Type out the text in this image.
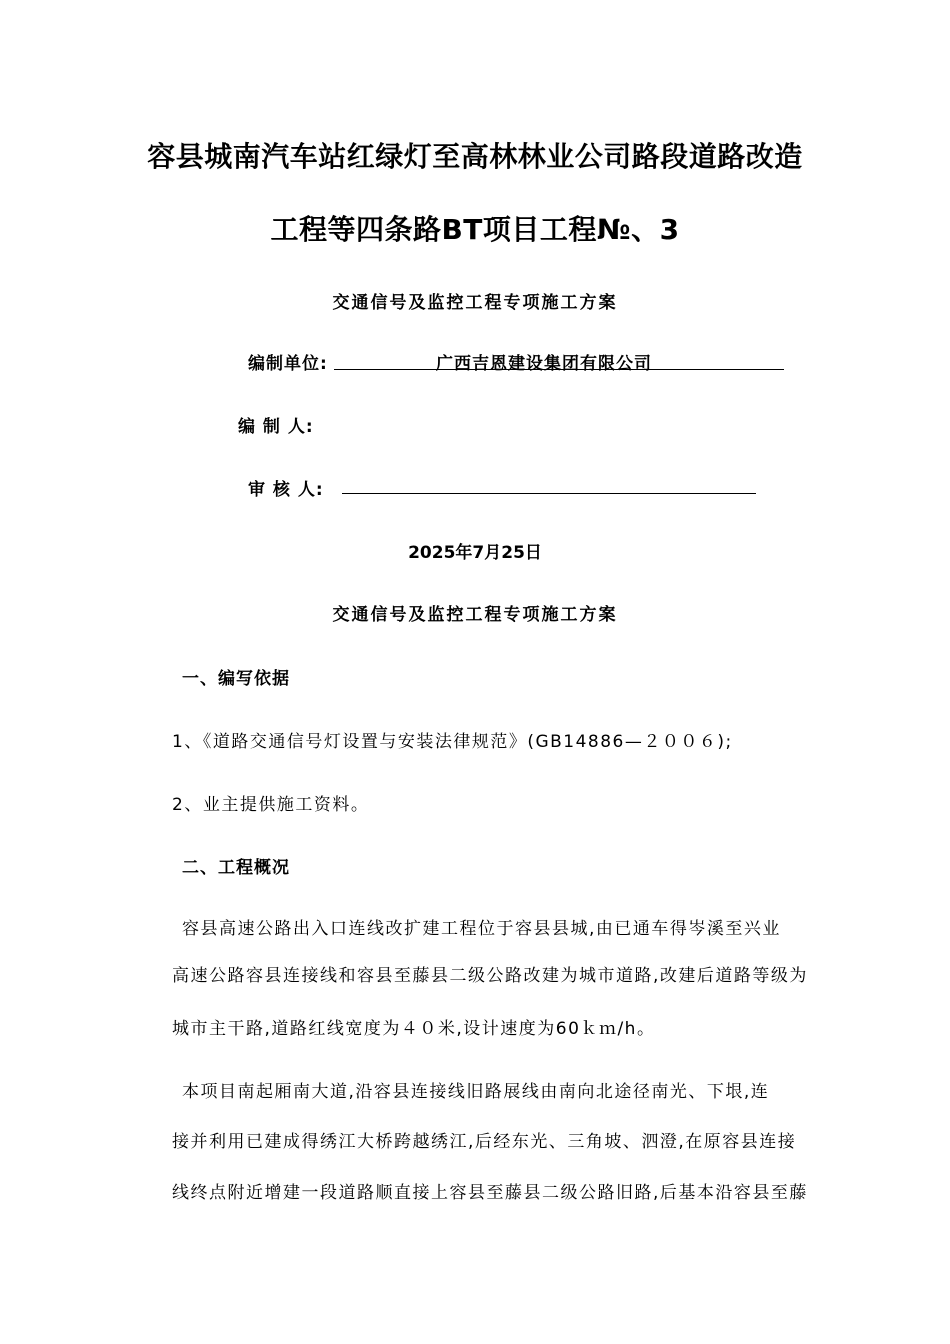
容县城南汽车站红绿灯至高林林业公司路段道路改造
工程等四条路BT项目工程№、3
交通信号及监控工程专项施工方案
编制单位:	广西吉恩建设集团有限公司
编 制 人:
审 核 人:
2025年7月25日
交通信号及监控工程专项施工方案
一、编写依据
1、《道路交通信号灯设置与安装法律规范》(GB14886—２００６);
2、业主提供施工资料。
二、工程概况
容县高速公路出入口连线改扩建工程位于容县县城,由已通车得岑溪至兴业
高速公路容县连接线和容县至藤县二级公路改建为城市道路,改建后道路等级为
城市主干路,道路红线宽度为４０米,设计速度为60ｋｍ/h。
本项目南起厢南大道,沿容县连接线旧路展线由南向北途径南光、下垠,连
接并利用已建成得绣江大桥跨越绣江,后经东光、三角坡、泗澄,在原容县连接
线终点附近增建一段道路顺直接上容县至藤县二级公路旧路,后基本沿容县至藤
